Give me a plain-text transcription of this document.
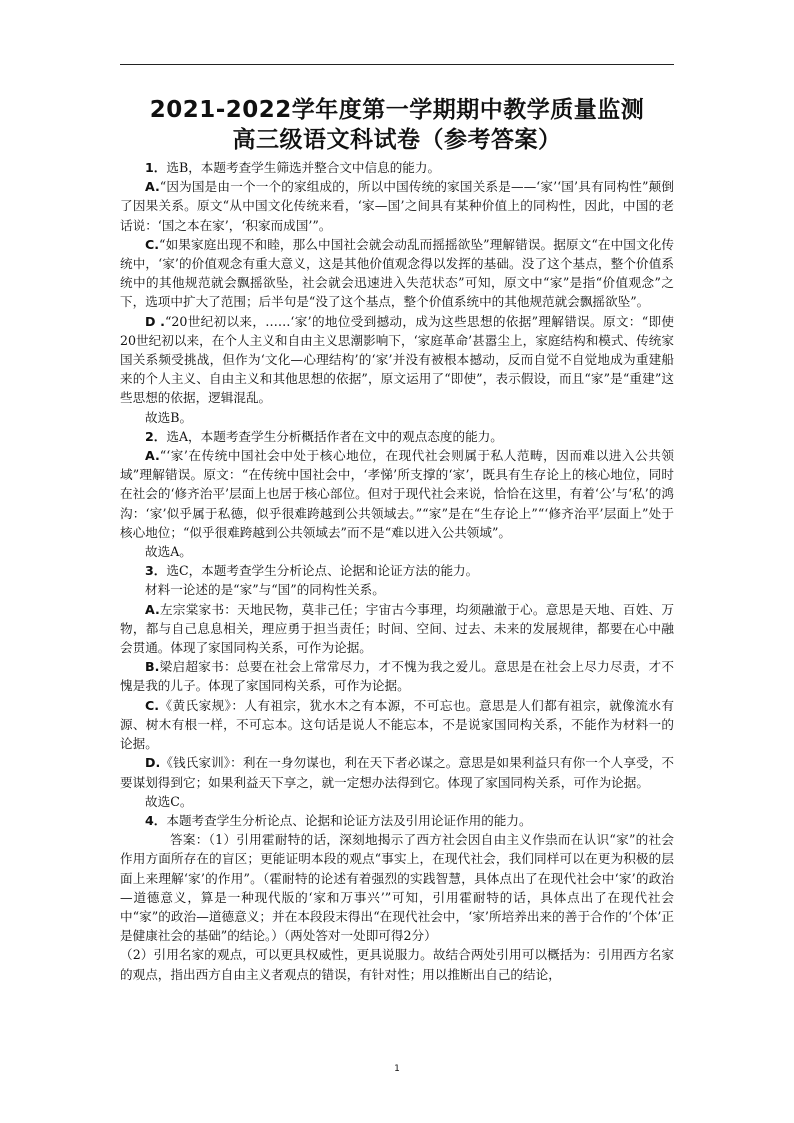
2021-2022学年度第一学期期中教学质量监测
高三级语文科试卷（参考答案）

1．选B，本题考查学生筛选并整合文中信息的能力。

A.“因为国是由一个一个的家组成的，所以中国传统的家国关系是——‘家’‘国’具有同构性”颠倒了因果关系。原文“从中国文化传统来看，‘家—国’之间具有某种价值上的同构性，因此，中国的老话说：‘国之本在家’，‘积家而成国’”。

C.“如果家庭出现不和睦，那么中国社会就会动乱而摇摇欲坠”理解错误。据原文“在中国文化传统中，‘家’的价值观念有重大意义，这是其他价值观念得以发挥的基础。没了这个基点，整个价值系统中的其他规范就会飘摇欲坠，社会就会迅速进入失范状态”可知，原文中“家”是指“价值观念”之下，选项中扩大了范围；后半句是“没了这个基点，整个价值系统中的其他规范就会飘摇欲坠”。

D .“20世纪初以来，……‘家’的地位受到撼动，成为这些思想的依据”理解错误。原文：“即使20世纪初以来，在个人主义和自由主义思潮影响下，‘家庭革命’甚嚣尘上，家庭结构和模式、传统家国关系频受挑战，但作为‘文化—心理结构’的‘家’并没有被根本撼动，反而自觉不自觉地成为重建船来的个人主义、自由主义和其他思想的依据”，原文运用了“即使”，表示假设，而且“家”是“重建”这些思想的依据，逻辑混乱。

故选B。

2．选A，本题考查学生分析概括作者在文中的观点态度的能力。

A.“‘家’在传统中国社会中处于核心地位，在现代社会则属于私人范畴，因而难以进入公共领域”理解错误。原文：“在传统中国社会中，‘孝悌’所支撑的‘家’，既具有生存论上的核心地位，同时在社会的‘修齐治平’层面上也居于核心部位。但对于现代社会来说，恰恰在这里，有着‘公’与‘私’的鸿沟：‘家’似乎属于私德，似乎很难跨越到公共领域去。”“家”是在“生存论上”“‘修齐治平’层面上”处于核心地位；“似乎很难跨越到公共领域去”而不是“难以进入公共领域”。

故选A。

3．选C，本题考查学生分析论点、论据和论证方法的能力。

材料一论述的是“家”与“国”的同构性关系。

A.左宗棠家书：天地民物，莫非己任；宇宙古今事理，均须融澈于心。意思是天地、百姓、万物，都与自己息息相关，理应勇于担当责任；时间、空间、过去、未来的发展规律，都要在心中融会贯通。体现了家国同构关系，可作为论据。

B.梁启超家书：总要在社会上常常尽力，才不愧为我之爱儿。意思是在社会上尽力尽责，才不愧是我的儿子。体现了家国同构关系，可作为论据。

C.《黄氏家规》：人有祖宗，犹水木之有本源，不可忘也。意思是人们都有祖宗，就像流水有源、树木有根一样，不可忘本。这句话是说人不能忘本，不是说家国同构关系，不能作为材料一的论据。

D.《钱氏家训》：利在一身勿谋也，利在天下者必谋之。意思是如果利益只有你一个人享受，不要谋划得到它；如果利益天下享之，就一定想办法得到它。体现了家国同构关系，可作为论据。

故选C。

4．本题考查学生分析论点、论据和论证方法及引用论证作用的能力。

答案：（1）引用霍耐特的话，深刻地揭示了西方社会因自由主义作祟而在认识“家”的社会作用方面所存在的盲区；更能证明本段的观点“事实上，在现代社会，我们同样可以在更为积极的层面上来理解‘家’的作用”。（霍耐特的论述有着强烈的实践智慧，具体点出了在现代社会中‘家’的政治—道德意义，算是一种现代版的‘家和万事兴’”可知，引用霍耐特的话，具体点出了在现代社会中“家”的政治—道德意义；并在本段段末得出“在现代社会中，‘家’所培养出来的善于合作的‘个体’正是健康社会的基础”的结论。）（两处答对一处即可得2分）

（2）引用名家的观点，可以更具权威性，更具说服力。故结合两处引用可以概括为：引用西方名家的观点，指出西方自由主义者观点的错误，有针对性；用以推断出自己的结论，

1
